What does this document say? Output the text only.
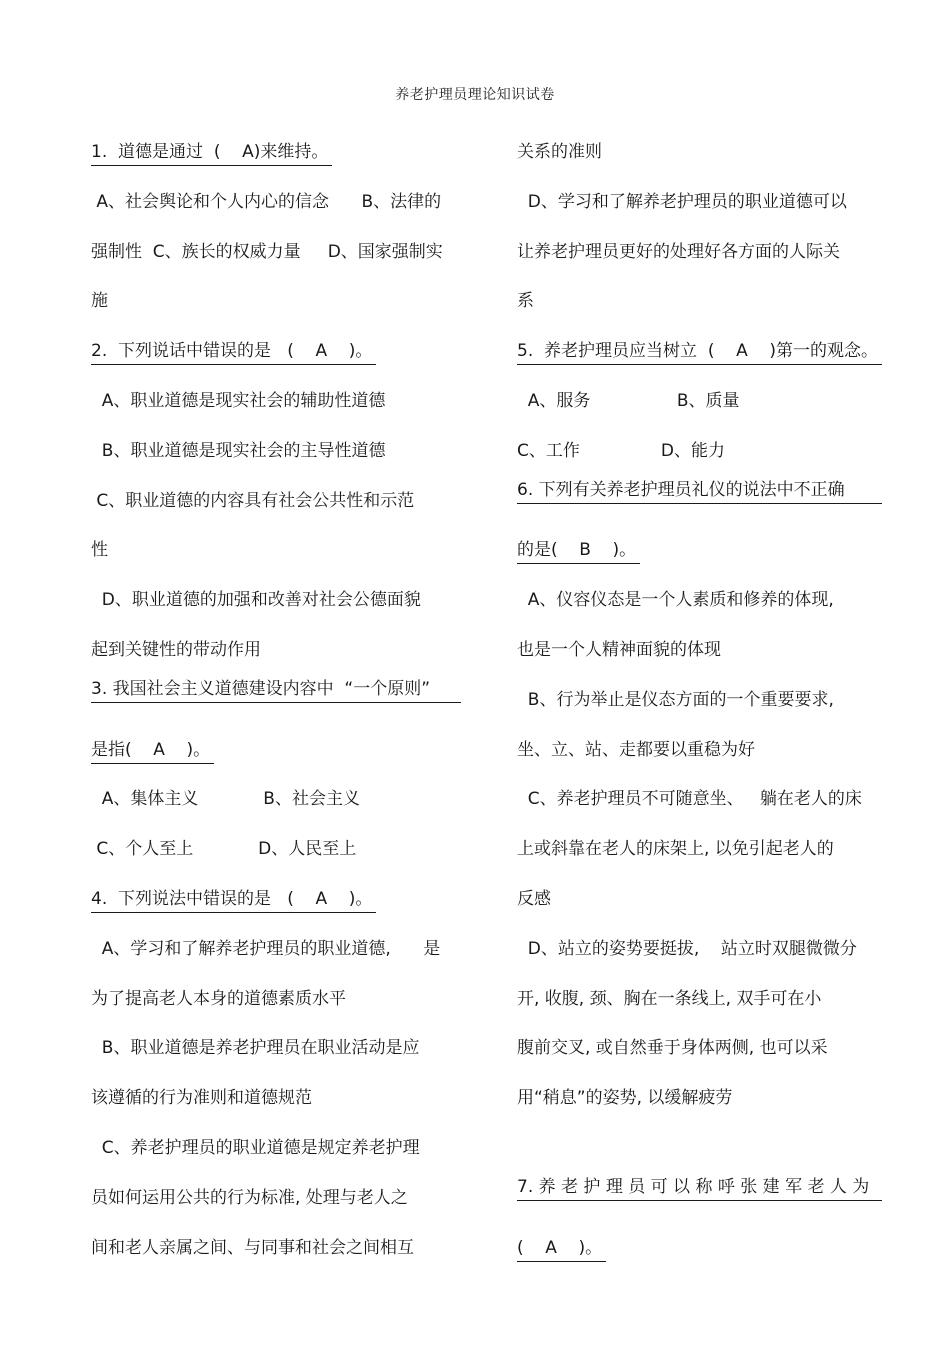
养老护理员理论知识试卷
1.  道德是通过  (    A)来维持。
A、社会舆论和个人内心的信念      B、法律的
强制性  C、族长的权威力量     D、国家强制实
施
2.  下列说话中错误的是   (    A    )。
A、职业道德是现实社会的辅助性道德
B、职业道德是现实社会的主导性道德
C、职业道德的内容具有社会公共性和示范
性
D、职业道德的加强和改善对社会公德面貌
起到关键性的带动作用
3. 我国社会主义道德建设内容中  “一个原则”
是指(    A    )。
A、集体主义            B、社会主义
C、个人至上            D、人民至上
4.  下列说法中错误的是   (    A    )。
A、学习和了解养老护理员的职业道德,      是
为了提高老人本身的道德素质水平
B、职业道德是养老护理员在职业活动是应
该遵循的行为准则和道德规范
C、养老护理员的职业道德是规定养老护理
员如何运用公共的行为标准, 处理与老人之
间和老人亲属之间、与同事和社会之间相互
关系的准则
D、学习和了解养老护理员的职业道德可以
让养老护理员更好的处理好各方面的人际关
系
5.  养老护理员应当树立  (    A    )第一的观念。
A、服务                B、质量
C、工作               D、能力
6. 下列有关养老护理员礼仪的说法中不正确
的是(    B    )。
A、仪容仪态是一个人素质和修养的体现,
也是一个人精神面貌的体现
B、行为举止是仪态方面的一个重要要求,
坐、立、站、走都要以重稳为好
C、养老护理员不可随意坐、   躺在老人的床
上或斜靠在老人的床架上, 以免引起老人的
反感
D、站立的姿势要挺拔,    站立时双腿微微分
开, 收腹, 颈、胸在一条线上, 双手可在小
腹前交叉, 或自然垂于身体两侧, 也可以采
用“稍息”的姿势, 以缓解疲劳
7. 养 老 护 理 员 可 以 称 呼 张 建 军 老 人 为
(    A    )。
